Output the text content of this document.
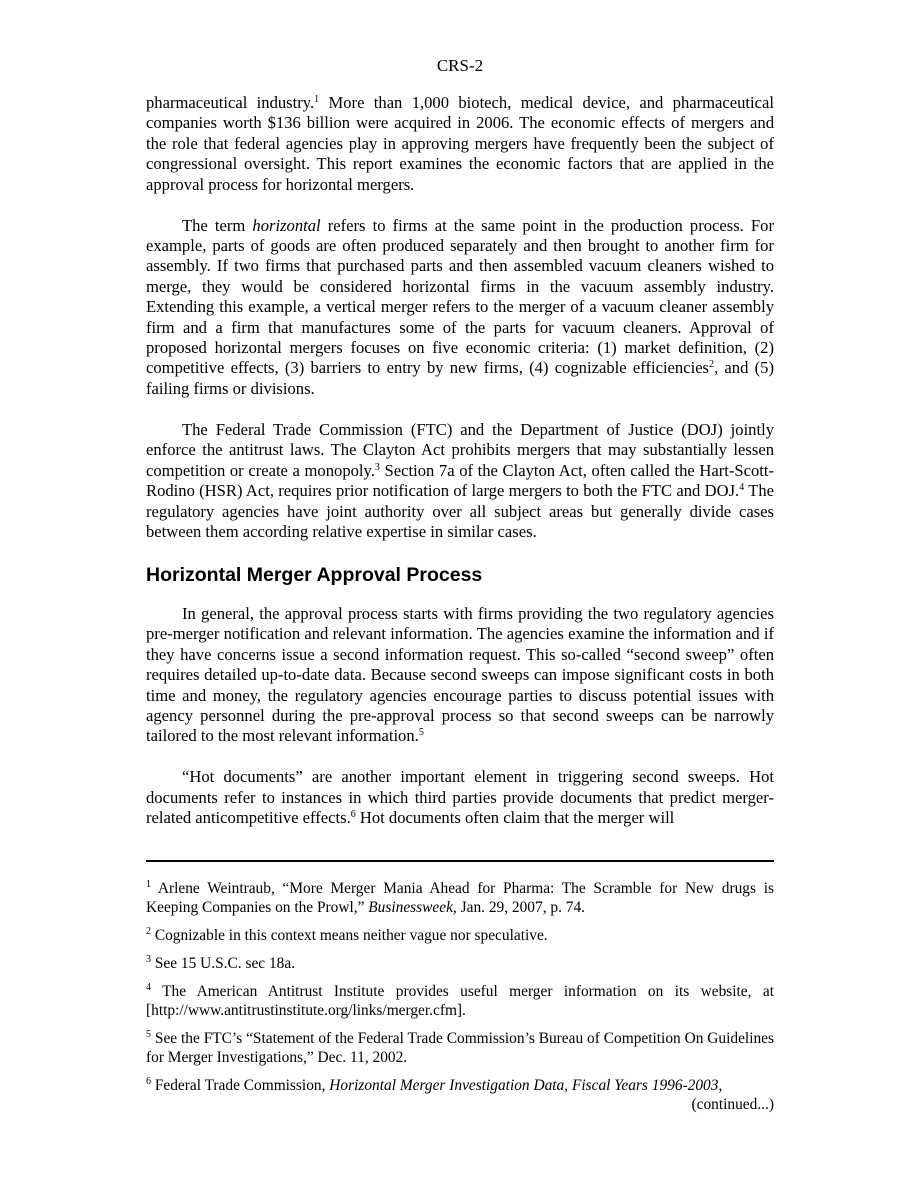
CRS-2

pharmaceutical industry.$^1$ More than 1,000 biotech, medical device, and pharmaceutical companies worth $136 billion were acquired in 2006. The economic effects of mergers and the role that federal agencies play in approving mergers have frequently been the subject of congressional oversight. This report examines the economic factors that are applied in the approval process for horizontal mergers.

The term horizontal refers to firms at the same point in the production process. For example, parts of goods are often produced separately and then brought to another firm for assembly. If two firms that purchased parts and then assembled vacuum cleaners wished to merge, they would be considered horizontal firms in the vacuum assembly industry. Extending this example, a vertical merger refers to the merger of a vacuum cleaner assembly firm and a firm that manufactures some of the parts for vacuum cleaners. Approval of proposed horizontal mergers focuses on five economic criteria: (1) market definition, (2) competitive effects, (3) barriers to entry by new firms, (4) cognizable efficiencies$^2$, and (5) failing firms or divisions.

The Federal Trade Commission (FTC) and the Department of Justice (DOJ) jointly enforce the antitrust laws. The Clayton Act prohibits mergers that may substantially lessen competition or create a monopoly.$^3$ Section 7a of the Clayton Act, often called the Hart-Scott-Rodino (HSR) Act, requires prior notification of large mergers to both the FTC and DOJ.$^4$ The regulatory agencies have joint authority over all subject areas but generally divide cases between them according relative expertise in similar cases.

Horizontal Merger Approval Process

In general, the approval process starts with firms providing the two regulatory agencies pre-merger notification and relevant information. The agencies examine the information and if they have concerns issue a second information request. This so-called “second sweep” often requires detailed up-to-date data. Because second sweeps can impose significant costs in both time and money, the regulatory agencies encourage parties to discuss potential issues with agency personnel during the pre-approval process so that second sweeps can be narrowly tailored to the most relevant information.$^5$

“Hot documents” are another important element in triggering second sweeps. Hot documents refer to instances in which third parties provide documents that predict merger-related anticompetitive effects.$^6$ Hot documents often claim that the merger will

$^1$ Arlene Weintraub, “More Merger Mania Ahead for Pharma: The Scramble for New drugs is Keeping Companies on the Prowl,” Businessweek, Jan. 29, 2007, p. 74.

$^2$ Cognizable in this context means neither vague nor speculative.

$^3$ See 15 U.S.C. sec 18a.

$^4$ The American Antitrust Institute provides useful merger information on its website, at [http://www.antitrustinstitute.org/links/merger.cfm].

$^5$ See the FTC’s “Statement of the Federal Trade Commission’s Bureau of Competition On Guidelines for Merger Investigations,” Dec. 11, 2002.

$^6$ Federal Trade Commission, Horizontal Merger Investigation Data, Fiscal Years 1996-2003,
(continued...)
